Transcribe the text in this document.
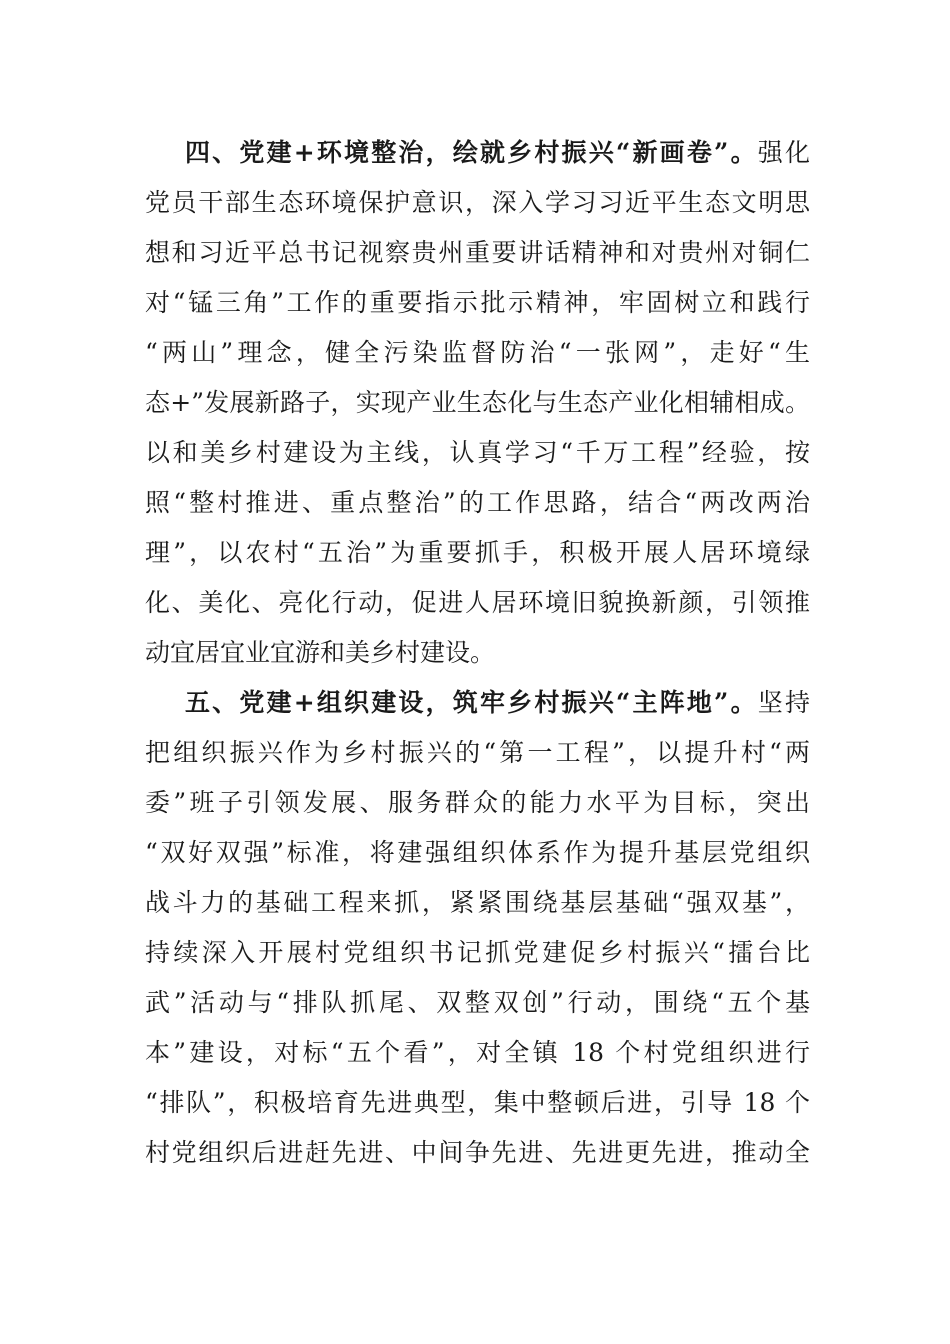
四、党建+环境整治，绘就乡村振兴“新画卷”。强化
党员干部生态环境保护意识，深入学习习近平生态文明思
想和习近平总书记视察贵州重要讲话精神和对贵州对铜仁
对“锰三角”工作的重要指示批示精神，牢固树立和践行
“两山”理念，健全污染监督防治“一张网”，走好“生
态+”发展新路子，实现产业生态化与生态产业化相辅相成。
以和美乡村建设为主线，认真学习“千万工程”经验，按
照“整村推进、重点整治”的工作思路，结合“两改两治
理”，以农村“五治”为重要抓手，积极开展人居环境绿
化、美化、亮化行动，促进人居环境旧貌换新颜，引领推
动宜居宜业宜游和美乡村建设。
五、党建+组织建设，筑牢乡村振兴“主阵地”。坚持
把组织振兴作为乡村振兴的“第一工程”，以提升村“两
委”班子引领发展、服务群众的能力水平为目标，突出
“双好双强”标准，将建强组织体系作为提升基层党组织
战斗力的基础工程来抓，紧紧围绕基层基础“强双基”，
持续深入开展村党组织书记抓党建促乡村振兴“擂台比
武”活动与“排队抓尾、双整双创”行动，围绕“五个基
本”建设，对标“五个看”，对全镇 18 个村党组织进行
“排队”，积极培育先进典型，集中整顿后进，引导 18 个
村党组织后进赶先进、中间争先进、先进更先进，推动全
